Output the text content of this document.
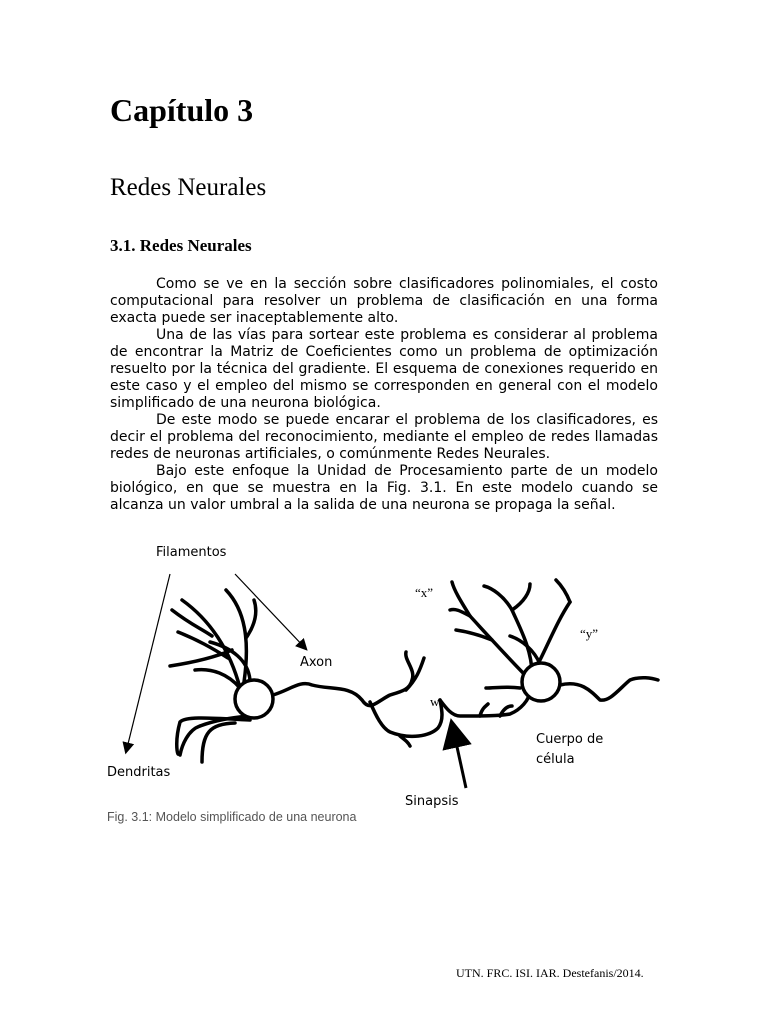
Capítulo 3
Redes Neurales
3.1. Redes Neurales

Como se ve en la sección sobre clasificadores polinomiales, el costo computacional para resolver un problema de clasificación en una forma exacta puede ser inaceptablemente alto.

Una de las vías para sortear este problema es considerar al problema de encontrar la Matriz de Coeficientes como un problema de optimización resuelto por la técnica del gradiente. El esquema de conexiones requerido en este caso y el empleo del mismo se corresponden en general con el modelo simplificado de una neurona biológica.

De este modo se puede encarar el problema de los clasificadores, es decir el problema del reconocimiento, mediante el empleo de redes llamadas redes de neuronas artificiales, o comúnmente Redes Neurales.

Bajo este enfoque la Unidad de Procesamiento parte de un modelo biológico, en que se muestra en la Fig. 3.1. En este modelo cuando se alcanza un valor umbral a la salida de una neurona se propaga la señal.

Filamentos
“x”
“y”
Axon
w
Cuerpo de
célula
Dendritas
Sinapsis
Fig. 3.1: Modelo simplificado de una neurona
UTN. FRC. ISI. IAR. Destefanis/2014.
